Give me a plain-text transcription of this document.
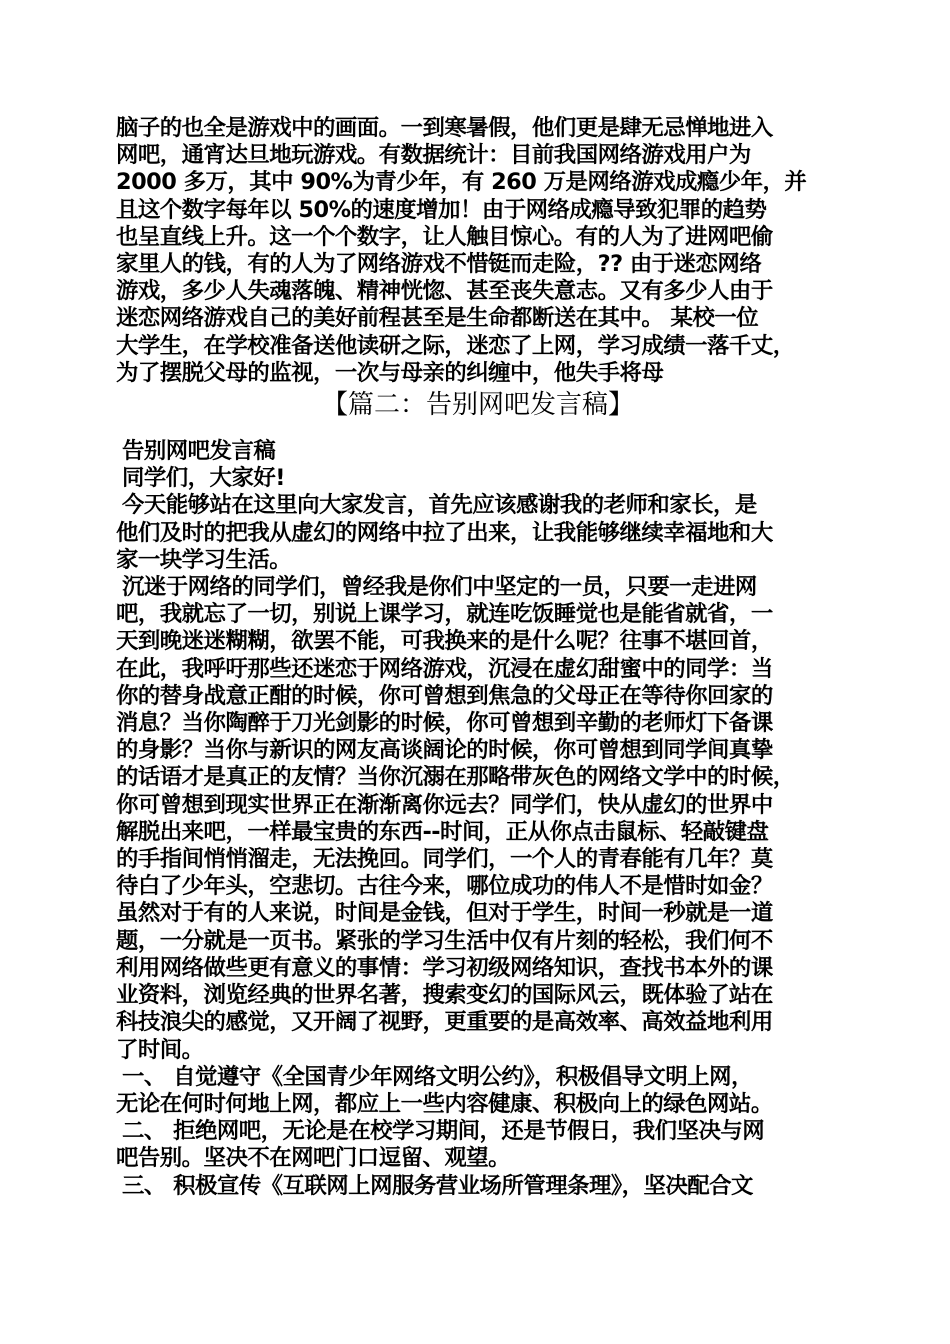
脑子的也全是游戏中的画面。一到寒暑假，他们更是肆无忌惮地进入

网吧，通宵达旦地玩游戏。有数据统计：目前我国网络游戏用户为

2000 多万，其中 90%为青少年，有 260 万是网络游戏成瘾少年，并

且这个数字每年以 50%的速度增加！由于网络成瘾导致犯罪的趋势

也呈直线上升。这一个个数字，让人触目惊心。有的人为了进网吧偷

家里人的钱，有的人为了网络游戏不惜铤而走险，?? 由于迷恋网络

游戏，多少人失魂落魄、精神恍惚、甚至丧失意志。又有多少人由于

迷恋网络游戏自己的美好前程甚至是生命都断送在其中。 某校一位

大学生，在学校准备送他读研之际，迷恋了上网，学习成绩一落千丈，

为了摆脱父母的监视，一次与母亲的纠缠中，他失手将母

【篇二：告别网吧发言稿】

告别网吧发言稿

同学们，大家好!

今天能够站在这里向大家发言，首先应该感谢我的老师和家长，是

他们及时的把我从虚幻的网络中拉了出来，让我能够继续幸福地和大

家一块学习生活。

沉迷于网络的同学们，曾经我是你们中坚定的一员，只要一走进网

吧，我就忘了一切，别说上课学习，就连吃饭睡觉也是能省就省，一

天到晚迷迷糊糊，欲罢不能，可我换来的是什么呢？往事不堪回首，

在此，我呼吁那些还迷恋于网络游戏，沉浸在虚幻甜蜜中的同学：当

你的替身战意正酣的时候，你可曾想到焦急的父母正在等待你回家的

消息？当你陶醉于刀光剑影的时候，你可曾想到辛勤的老师灯下备课

的身影？当你与新识的网友高谈阔论的时候，你可曾想到同学间真挚

的话语才是真正的友情？当你沉溺在那略带灰色的网络文学中的时候，

你可曾想到现实世界正在渐渐离你远去？同学们，快从虚幻的世界中

解脱出来吧，一样最宝贵的东西--时间，正从你点击鼠标、轻敲键盘

的手指间悄悄溜走，无法挽回。同学们，一个人的青春能有几年？莫

待白了少年头，空悲切。古往今来，哪位成功的伟人不是惜时如金？

虽然对于有的人来说，时间是金钱，但对于学生，时间一秒就是一道

题，一分就是一页书。紧张的学习生活中仅有片刻的轻松，我们何不

利用网络做些更有意义的事情：学习初级网络知识，查找书本外的课

业资料，浏览经典的世界名著，搜索变幻的国际风云，既体验了站在

科技浪尖的感觉，又开阔了视野，更重要的是高效率、高效益地利用

了时间。

一、 自觉遵守《全国青少年网络文明公约》，积极倡导文明上网，

无论在何时何地上网，都应上一些内容健康、积极向上的绿色网站。

二、 拒绝网吧，无论是在校学习期间，还是节假日，我们坚决与网

吧告别。坚决不在网吧门口逗留、观望。

三、 积极宣传《互联网上网服务营业场所管理条理》，坚决配合文
